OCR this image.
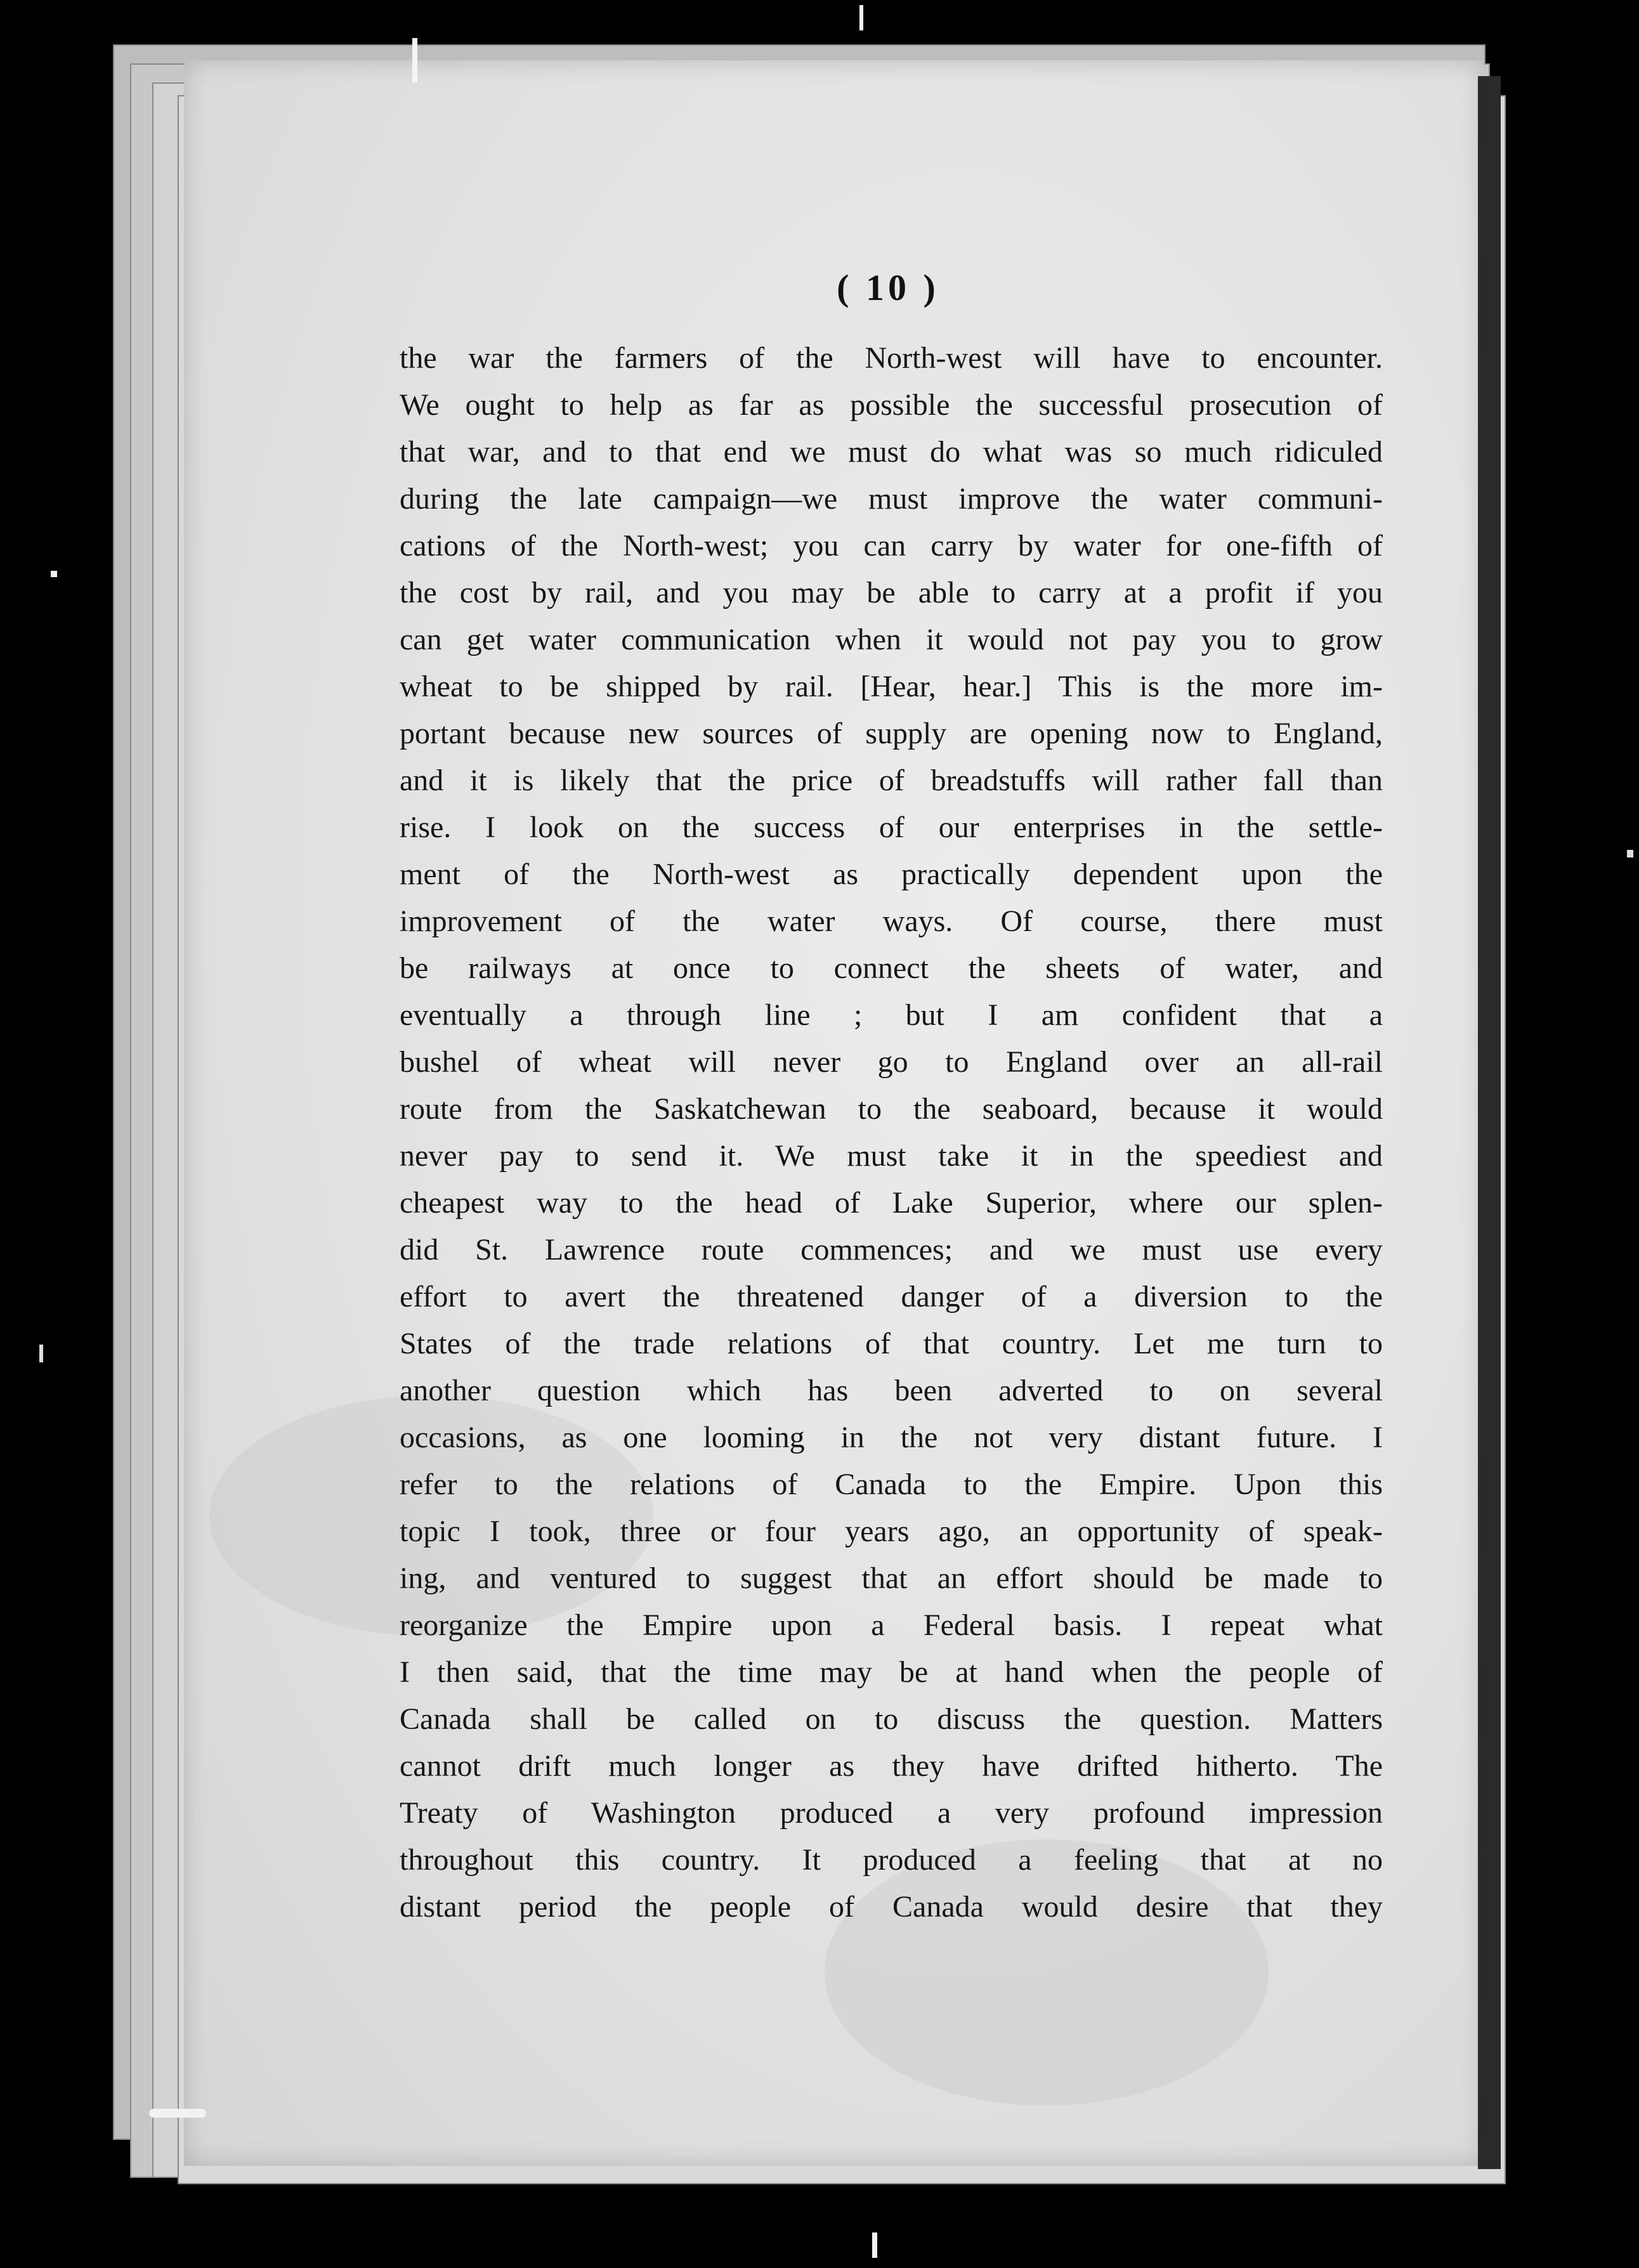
( 10 )
the war the farmers of the North-west will have to encounter.
We ought to help as far as possible the successful prosecution of
that war, and to that end we must do what was so much ridiculed
during the late campaign—we must improve the water communi-
cations of the North-west; you can carry by water for one-fifth of
the cost by rail, and you may be able to carry at a profit if you
can get water communication when it would not pay you to grow
wheat to be shipped by rail. [Hear, hear.] This is the more im-
portant because new sources of supply are opening now to England,
and it is likely that the price of breadstuffs will rather fall than
rise. I look on the success of our enterprises in the settle-
ment of the North-west as practically dependent upon the
improvement of the water ways. Of course, there must
be railways at once to connect the sheets of water, and
eventually a through line ; but I am confident that a
bushel of wheat will never go to England over an all-rail
route from the Saskatchewan to the seaboard, because it would
never pay to send it. We must take it in the speediest and
cheapest way to the head of Lake Superior, where our splen-
did St. Lawrence route commences; and we must use every
effort to avert the threatened danger of a diversion to the
States of the trade relations of that country. Let me turn to
another question which has been adverted to on several
occasions, as one looming in the not very distant future. I
refer to the relations of Canada to the Empire. Upon this
topic I took, three or four years ago, an opportunity of speak-
ing, and ventured to suggest that an effort should be made to
reorganize the Empire upon a Federal basis. I repeat what
I then said, that the time may be at hand when the people of
Canada shall be called on to discuss the question. Matters
cannot drift much longer as they have drifted hitherto. The
Treaty of Washington produced a very profound impression
throughout this country. It produced a feeling that at no
distant period the people of Canada would desire that they
